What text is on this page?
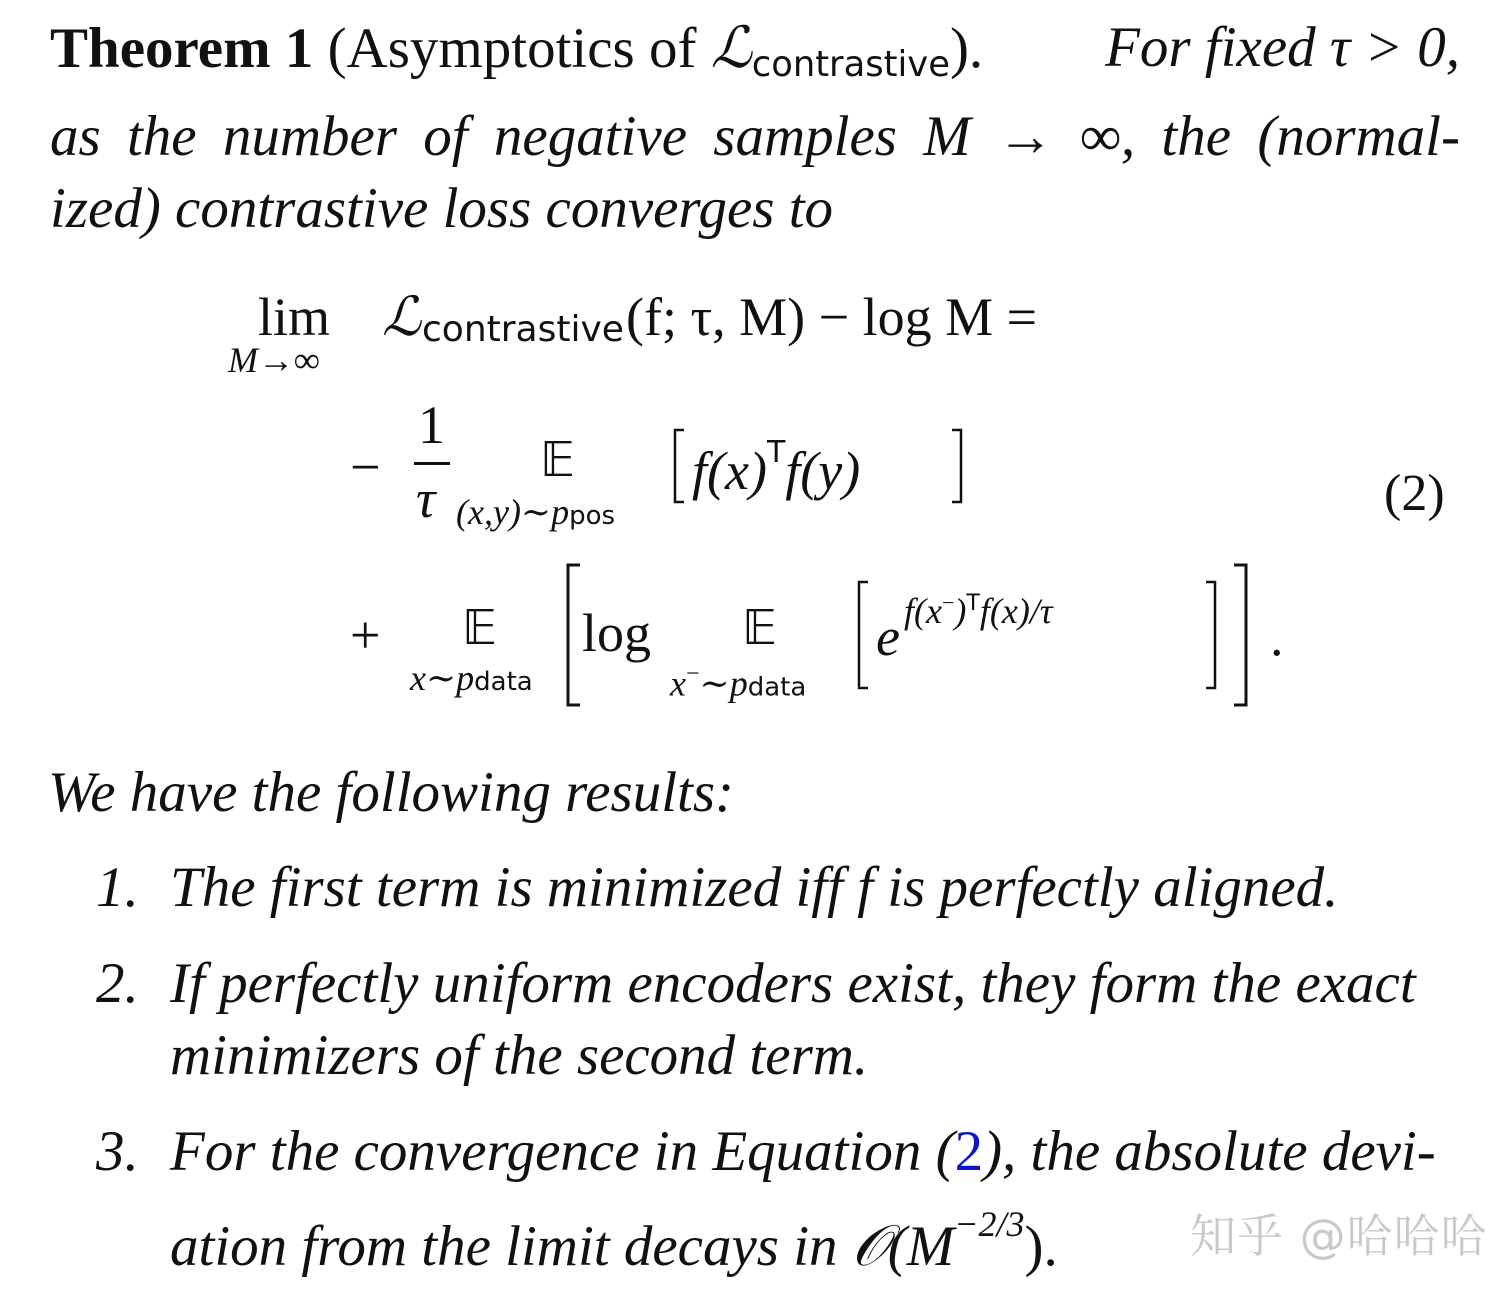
Theorem 1 (Asymptotics of ℒcontrastive). For fixed τ > 0,
as the number of negative samples M → ∞, the (normal-
ized) contrastive loss converges to
lim
M→∞
ℒ contrastive (f; τ, M) − log M =
−
1
τ
𝔼
(x,y)∼ppos
$f(x)^Tf(y)$	(2)
+ 𝔼
x∼pdata
log 𝔼
x−∼pdata
e $f(x^-)^Tf(x)/\tau$	.
We have the following results:
1. The first term is minimized iff f is perfectly aligned.
2. If perfectly uniform encoders exist, they form the exact
minimizers of the second term.
3. For the convergence in Equation (2), the absolute devi-
ation from the limit decays in $𝒪(M^{-2/3})$.	知乎 @哈哈哈
